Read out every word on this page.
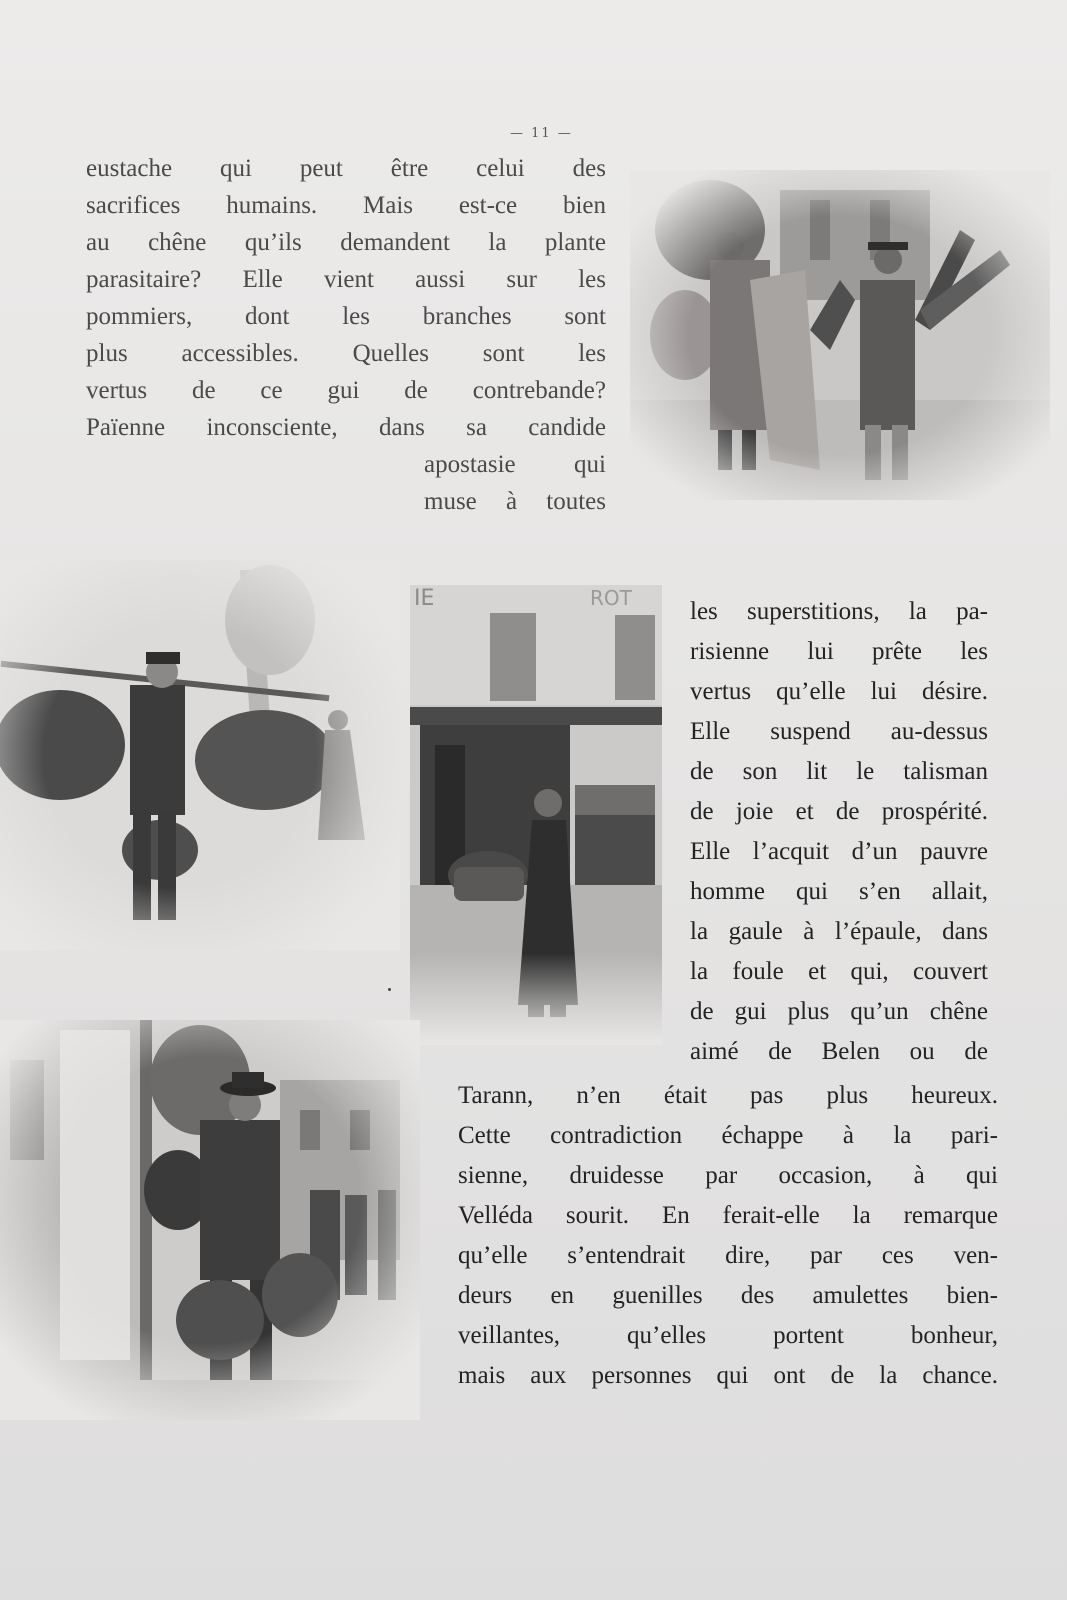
— 11 —

eustache qui peut être celui des
sacrifices humains. Mais est-ce bien
au chêne qu’ils demandent la plante
parasitaire? Elle vient aussi sur les
pommiers, dont les branches sont
plus accessibles. Quelles sont les
vertus de ce gui de contrebande?
Païenne inconsciente, dans sa candide
apostasie qui
muse à toutes

les superstitions, la pa-
risienne lui prête les
vertus qu’elle lui désire.
Elle suspend au-dessus
de son lit le talisman
de joie et de prospérité.
Elle l’acquit d’un pauvre
homme qui s’en allait,
la gaule à l’épaule, dans
la foule et qui, couvert
de gui plus qu’un chêne
aimé de Belen ou de

Tarann, n’en était pas plus heureux.
Cette contradiction échappe à la pari-
sienne, druidesse par occasion, à qui
Velléda sourit. En ferait-elle la remarque
qu’elle s’entendrait dire, par ces ven-
deurs en guenilles des amulettes bien-
veillantes, qu’elles portent bonheur,
mais aux personnes qui ont de la chance.
